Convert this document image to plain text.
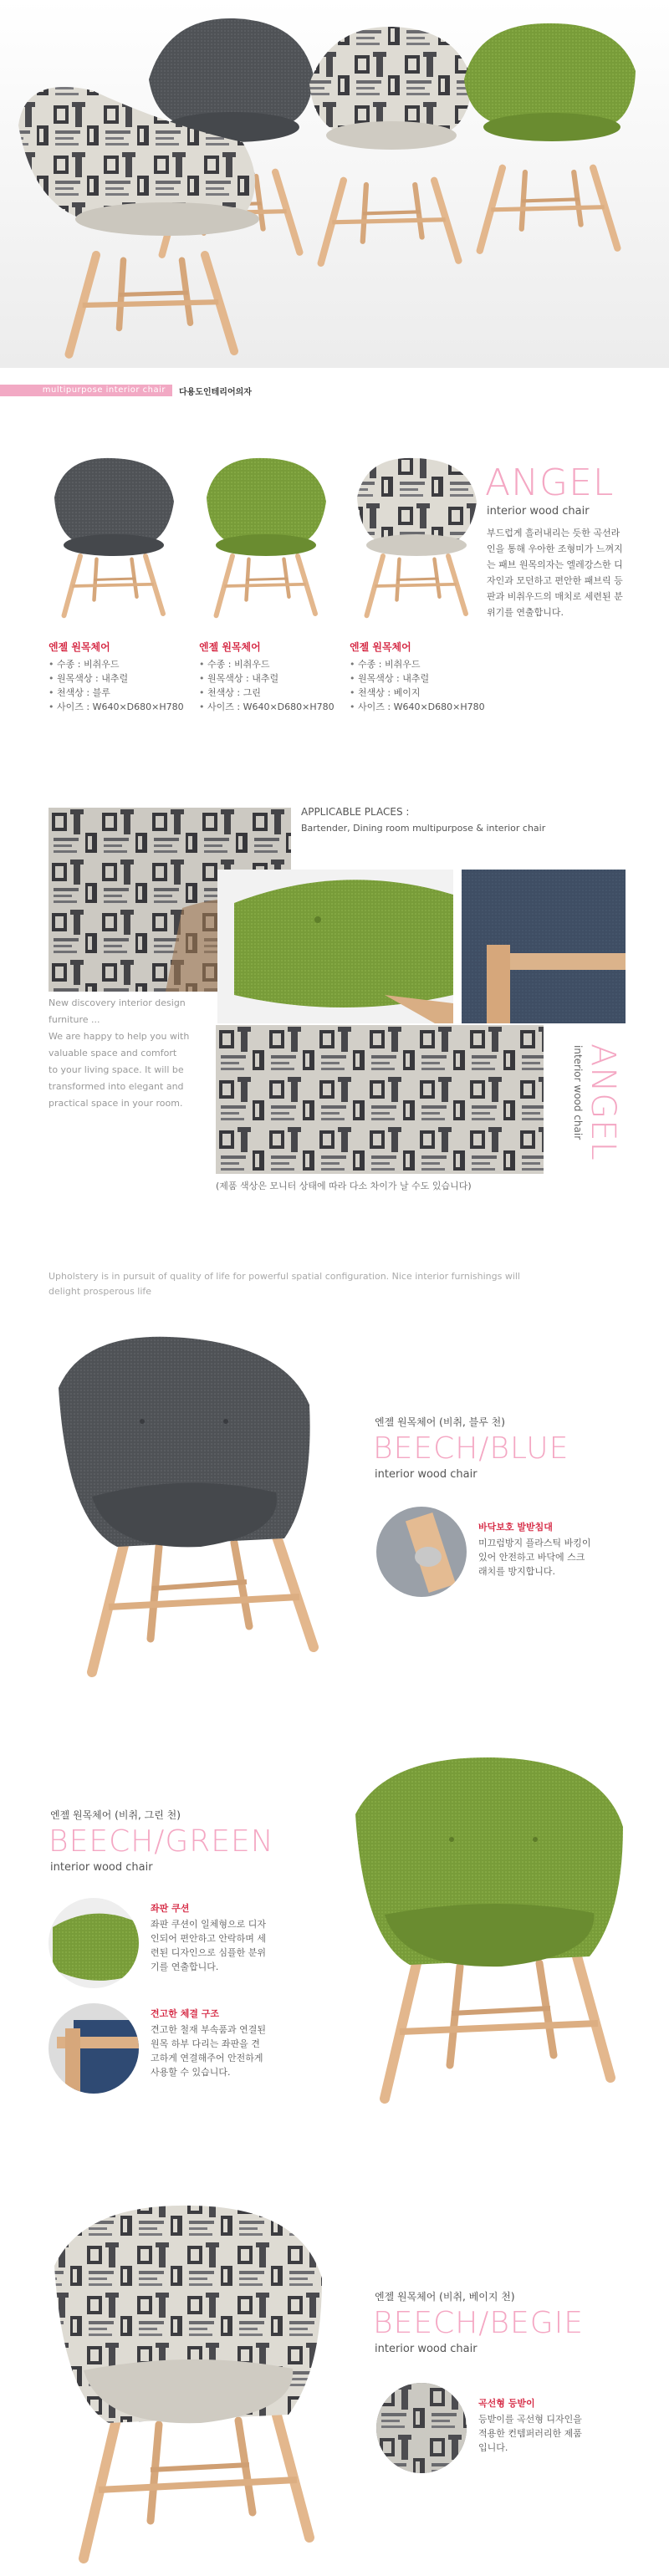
multipurpose interior chair 다용도인테리어의자
ANGEL
interior wood chair
부드럽게 흘러내리는 듯한 곡선라
인을 통해 우아한 조형미가 느껴지
는 패브 원목의자는 엘레강스한 디
자인과 모던하고 편안한 패브릭 등
판과 비취우드의 매치로 세련된 분
위기를 연출합니다.
엔젤 원목체어
• 수종 : 비취우드
• 원목색상 : 내추럴
• 천색상 : 블루
• 사이즈 : W640×D680×H780
엔젤 원목체어
• 수종 : 비취우드
• 원목색상 : 내추럴
• 천색상 : 그린
• 사이즈 : W640×D680×H780
엔젤 원목체어
• 수종 : 비취우드
• 원목색상 : 내추럴
• 천색상 : 베이지
• 사이즈 : W640×D680×H780
APPLICABLE PLACES :
Bartender, Dining room multipurpose & interior chair
New discovery interior design
furniture ...
We are happy to help you with
valuable space and comfort
to your living space. It will be
transformed into elegant and
practical space in your room.	ANGEL
interior wood chair
(제품 색상은 모니터 상태에 따라 다소 차이가 날 수도 있습니다)
Upholstery is in pursuit of quality of life for powerful spatial configuration. Nice interior furnishings will
delight prosperous life
엔젤 원목체어 (비취, 블루 천)
BEECH/BLUE
interior wood chair
바닥보호 발받침대
미끄럼방지 플라스틱 바킹이
있어 안전하고 바닥에 스크
래치를 방지합니다.
엔젤 원목체어 (비취, 그린 천)
BEECH/GREEN
interior wood chair
좌판 쿠션
좌판 쿠션이 일체형으로 디자
인되어 편안하고 안락하며 세
련된 디자인으로 심플한 분위
기를 연출합니다.
견고한 체결 구조
견고한 철재 부속품과 연결된
원목 하부 다리는 좌판을 견
고하게 연결해주어 안전하게
사용할 수 있습니다.
엔젤 원목체어 (비취, 베이지 천)
BEECH/BEGIE
interior wood chair
곡선형 등받이
등받이를 곡선형 디자인을
적용한 컨템퍼러리한 제품
입니다.
